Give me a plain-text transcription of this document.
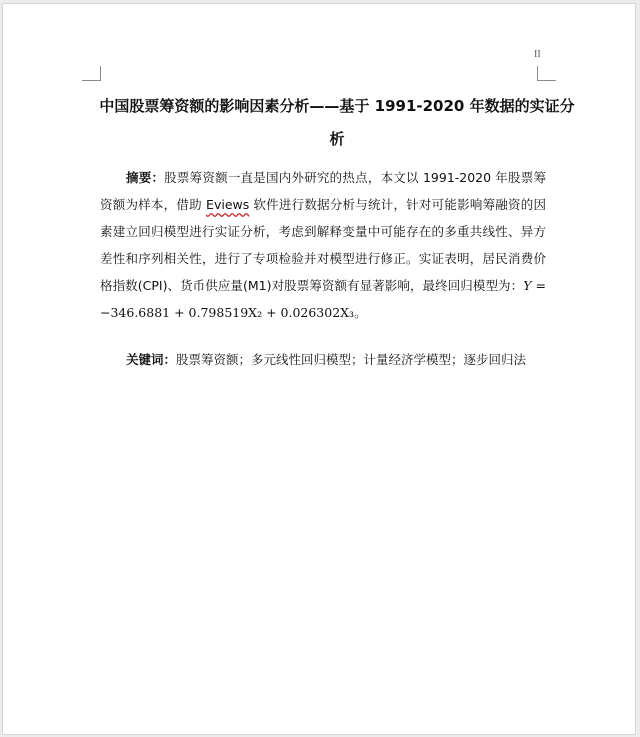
II
中国股票筹资额的影响因素分析——基于 1991-2020 年数据的实证分析
摘要：股票筹资额一直是国内外研究的热点，本文以 1991-2020 年股票筹资额为样本，借助 Eviews 软件进行数据分析与统计，针对可能影响筹融资的因素建立回归模型进行实证分析，考虑到解释变量中可能存在的多重共线性、异方差性和序列相关性，进行了专项检验并对模型进行修正。实证表明，居民消费价格指数(CPI)、货币供应量(M1)对股票筹资额有显著影响，最终回归模型为：Y = −346.6881 + 0.798519X₂ + 0.026302X₃。
关键词：股票筹资额；多元线性回归模型；计量经济学模型；逐步回归法
